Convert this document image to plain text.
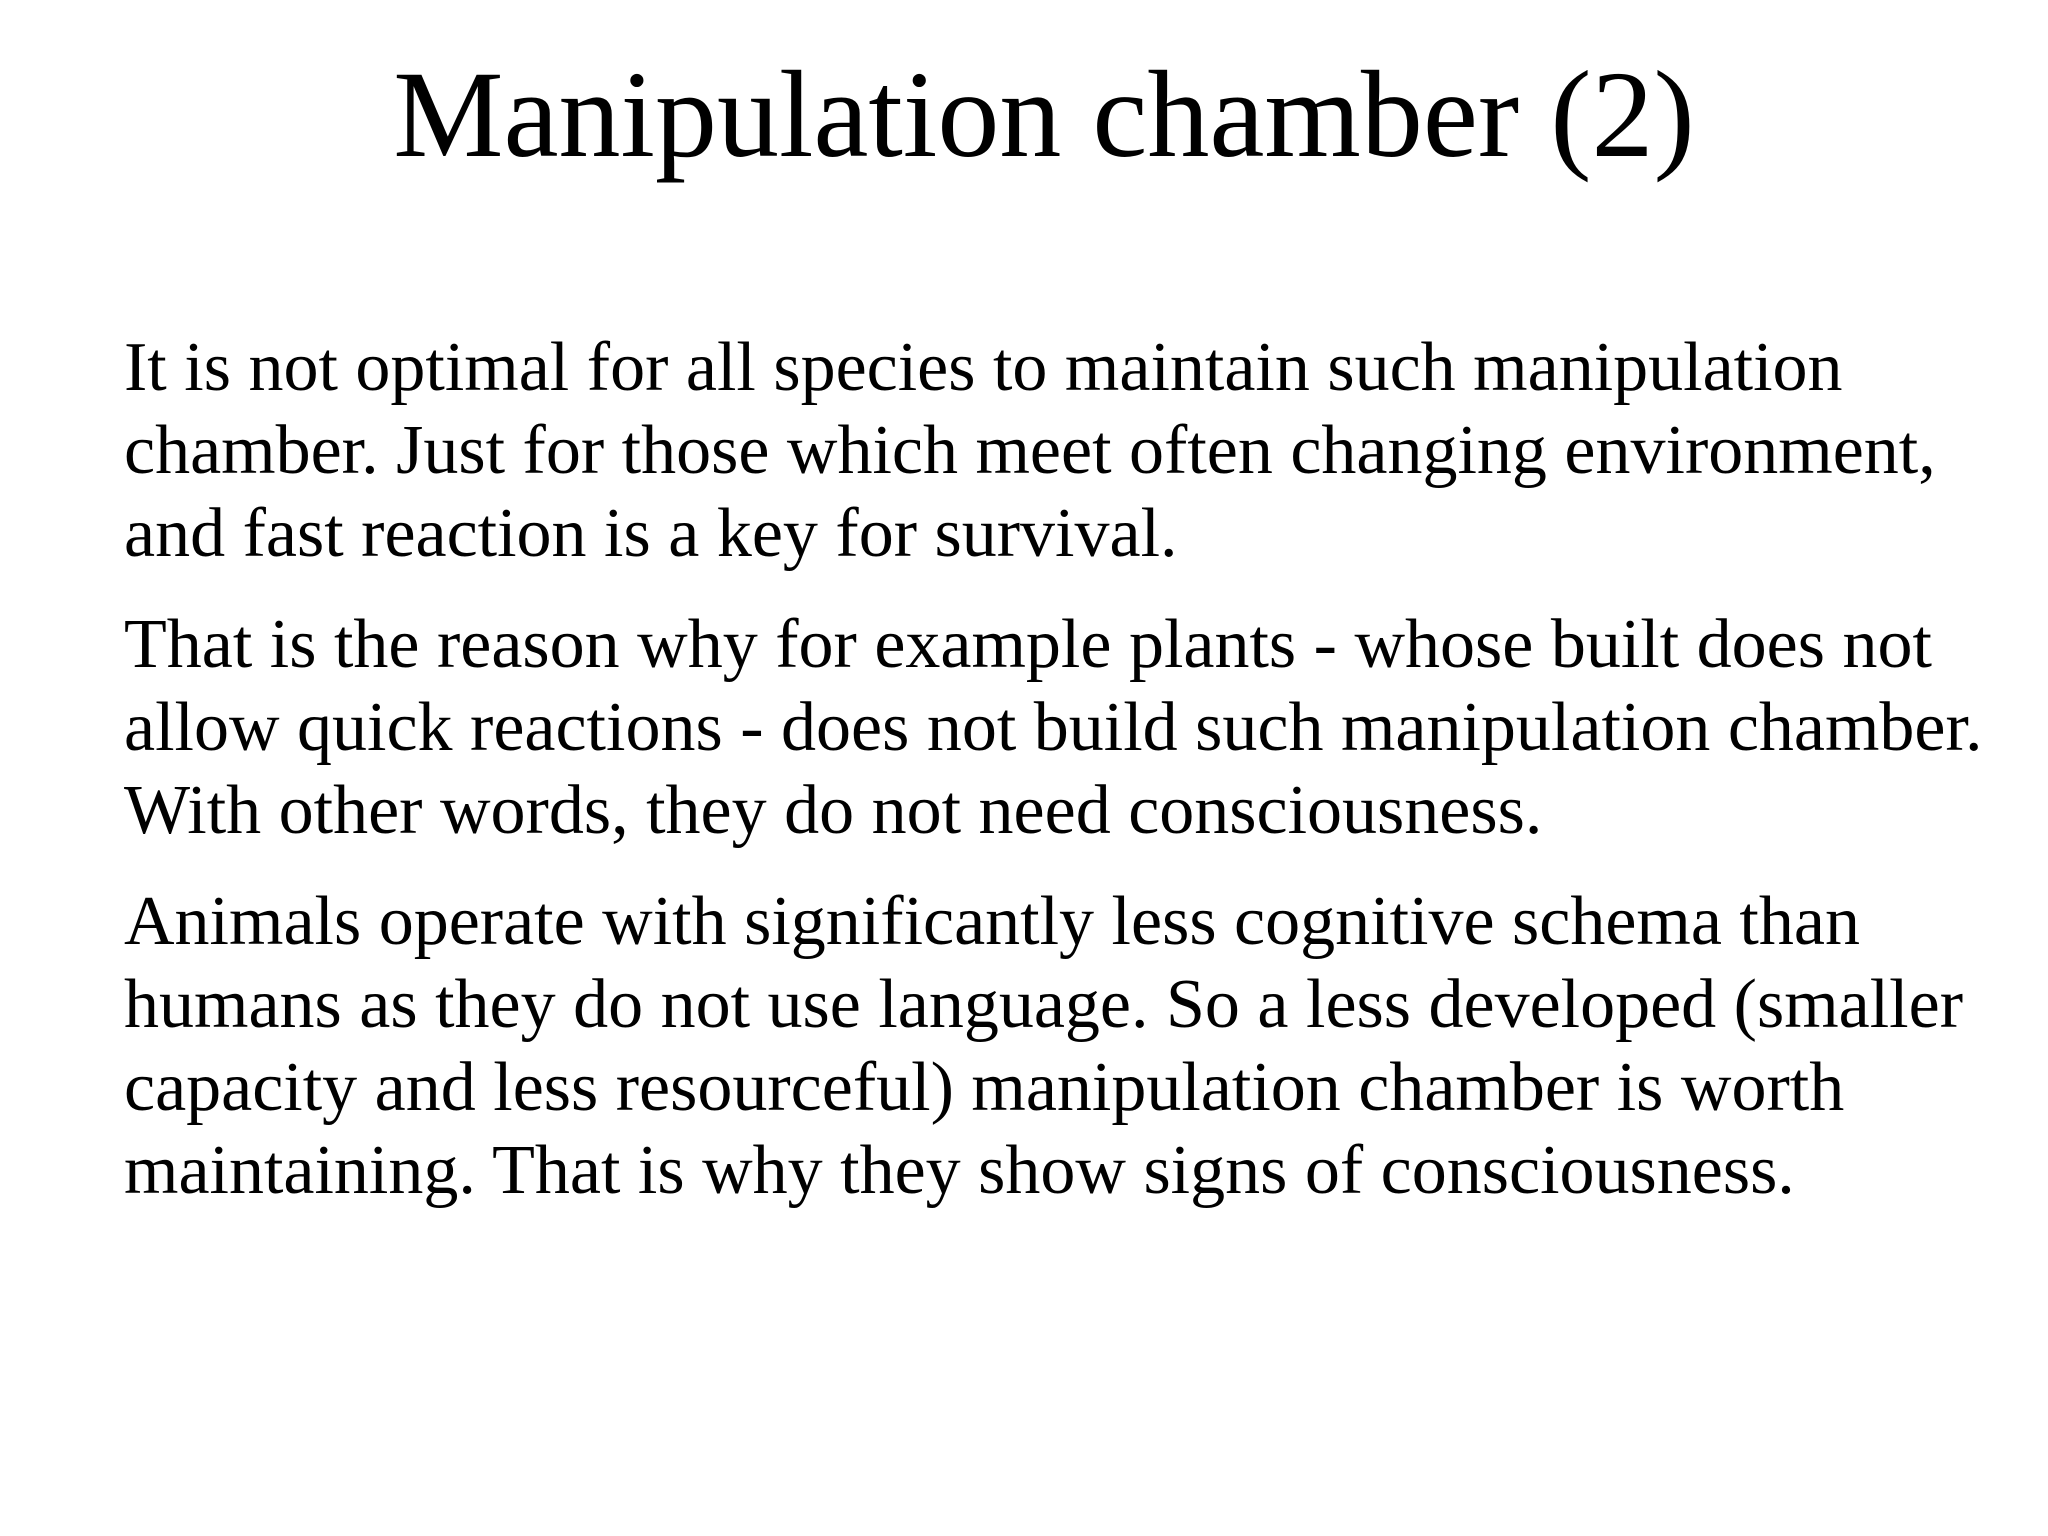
Manipulation chamber (2)

It is not optimal for all species to maintain such manipulation
chamber. Just for those which meet often changing environment,
and fast reaction is a key for survival.

That is the reason why for example plants - whose built does not
allow quick reactions - does not build such manipulation chamber.
With other words, they do not need consciousness.

Animals operate with significantly less cognitive schema than
humans as they do not use language. So a less developed (smaller
capacity and less resourceful) manipulation chamber is worth
maintaining. That is why they show signs of consciousness.
